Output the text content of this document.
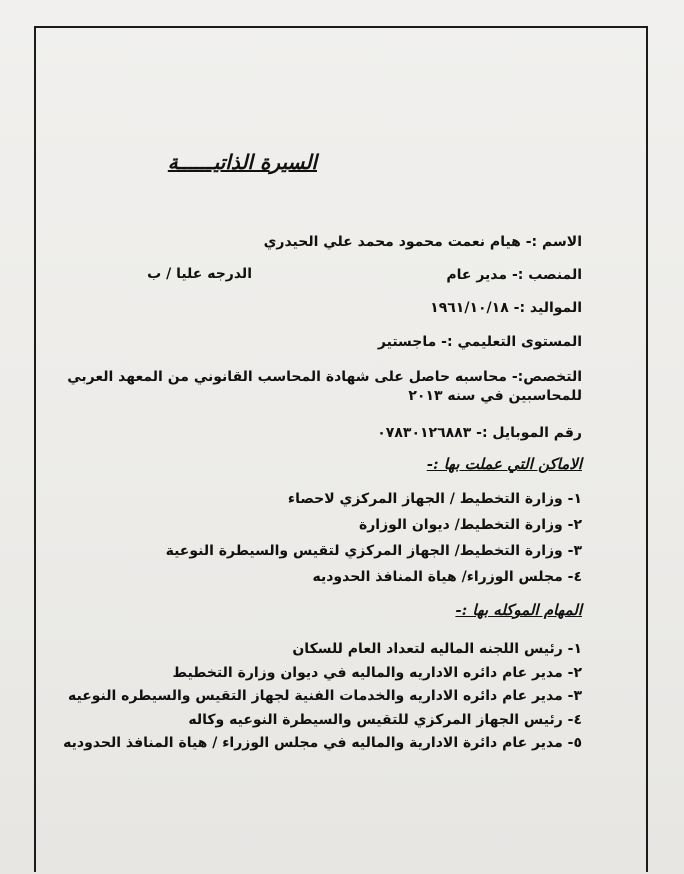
السيرة الذاتيــــــة
الاسم :- هيام نعمت محمود محمد علي الحيدري
المنصب :- مدير عام
الدرجه عليا / ب
المواليد :- ١٩٦١/١٠/١٨
المستوى التعليمي :- ماجستير
التخصص:- محاسبه حاصل على شهادة المحاسب القانوني من المعهد العربي
للمحاسبين في سنه ٢٠١٣
رقم الموبايل :- ٠٧٨٣٠١٢٦٨٨٣
الاماكن التي عملت بها :-
١- وزارة التخطيط / الجهاز المركزي لاحصاء
٢- وزارة التخطيط/ ديوان الوزارة
٣- وزارة التخطيط/ الجهاز المركزي لتقيس والسيطرة النوعية
٤- مجلس الوزراء/ هياة المنافذ الحدوديه
المهام الموكله بها :-
١- رئيس اللجنه الماليه لتعداد العام للسكان
٢- مدير عام دائره الاداريه والماليه في ديوان وزارة التخطيط
٣- مدير عام دائره الاداريه والخدمات الفنية لجهاز التقيس والسيطره النوعيه
٤- رئيس الجهاز المركزي للتقيس والسيطرة النوعيه وكاله
٥- مدير عام دائرة الادارية والماليه في مجلس الوزراء / هياة المنافذ الحدوديه
